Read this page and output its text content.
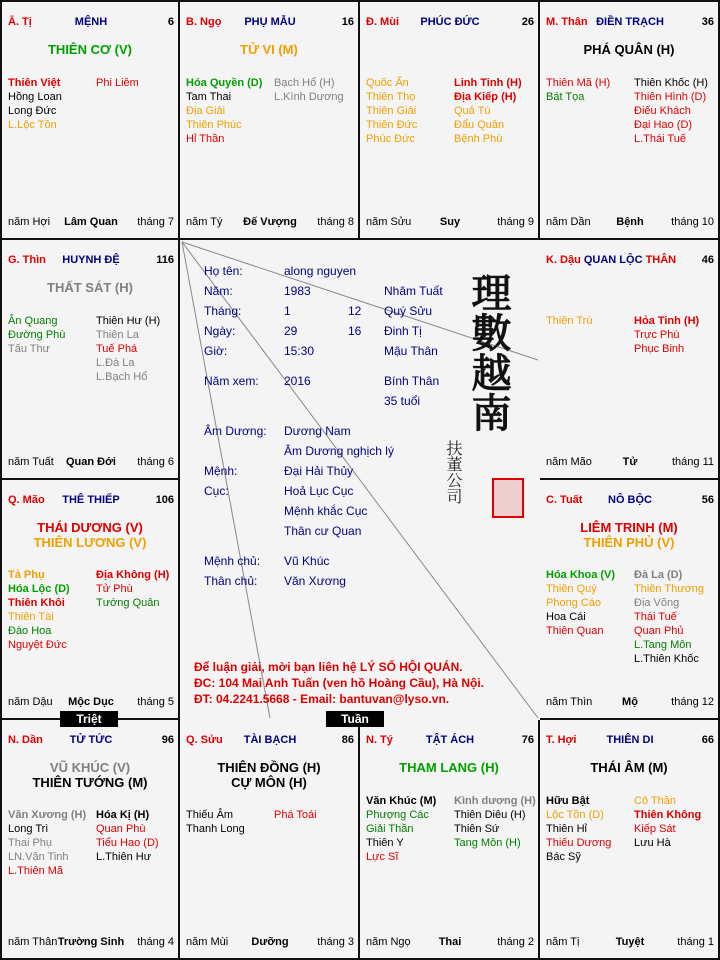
Ā. Tị	MỆNH	6
THIÊN CƠ (V)
Thiên Việt
Hồng Loan
Long Đức
L.Lộc Tồn
Phi Liêm
năm Hợi	Lâm Quan	tháng 7
B. Ngọ	PHỤ MẪU	16
TỬ VI (M)
Hóa Quyền (D)
Tam Thai
Địa Giải
Thiên Phúc
Hỉ Thần
Bạch Hổ (H)
L.Kình Dương
năm Tý	Đế Vượng	tháng 8
Đ. Mùi	PHÚC ĐỨC	26
Quốc Ấn
Thiên Thọ
Thiên Giải
Thiên Đức
Phúc Đức
Linh Tinh (H)
Địa Kiếp (H)
Quả Tú
Đẩu Quân
Bệnh Phù
năm Sửu	Suy	tháng 9
M. Thân ĐIỀN TRẠCH	36
PHÁ QUÂN (H)
Thiên Mã (H)
Bát Tọa
Thiên Khốc (H)
Thiên Hình (D)
Điếu Khách
Đại Hao (D)
L.Thái Tuế
năm Dần	Bệnh	tháng 10
G. Thìn	HUYNH ĐỆ	116
THẤT SÁT (H)
Ân Quang
Đường Phù
Tấu Thư
Thiên Hư (H)
Thiên La
Tuế Phá
L.Đà La
L.Bạch Hổ
năm Tuất	Quan Đới	tháng 6
K. Dậu QUAN LỘC THÂN	46
Thiên Trù	Hỏa Tinh (H)
Trực Phù
Phục Binh
năm Mão	Tử	tháng 11
Q. Mão	THÊ THIẾP	106
THÁI DƯƠNG (V)
THIÊN LƯƠNG (V)
Tả Phụ
Hóa Lộc (D)
Thiên Khôi
Thiên Tài
Đào Hoa
Nguyệt Đức
Địa Không (H)
Tử Phù
Tướng Quân
năm Dậu	Mộc Dục	tháng 5
C. Tuất	NÔ BỘC	56
LIÊM TRINH (M)
THIÊN PHỦ (V)
Hóa Khoa (V)
Thiên Quý
Phong Cáo
Hoa Cái
Thiên Quan
Đà La (D)
Thiên Thương
Địa Võng
Thái Tuế
Quan Phủ
L.Tang Môn
L.Thiên Khốc
năm Thìn	Mộ	tháng 12
N. Dần	TỬ TỨC	96
VŨ KHÚC (V)
THIÊN TƯỚNG (M)
Văn Xương (H)
Long Trì
Thai Phụ
LN.Văn Tinh
L.Thiên Mã
Hóa Kị (H)
Quan Phù
Tiểu Hao (D)
L.Thiên Hư
năm Thân Trường Sinh	tháng 4
Q. Sửu	TÀI BẠCH	86
THIÊN ĐỒNG (H)
CỰ MÔN (H)
Thiếu Âm
Thanh Long
Phá Toái
năm Mùi	Dưỡng	tháng 3
N. Tý	TẬT ÁCH	76
THAM LANG (H)
Văn Khúc (M)
Phượng Các
Giải Thần
Thiên Y
Lực Sĩ
Kình dương (H)
Thiên Diêu (H)
Thiên Sứ
Tang Môn (H)
năm Ngọ	Thai	tháng 2
T. Hợi	THIÊN DI	66
THÁI ÂM (M)
Hữu Bật
Lộc Tồn (D)
Thiên Hỉ
Thiếu Dương
Bác Sỹ
Cô Thần
Thiên Không
Kiếp Sát
Lưu Hà
năm Tị	Tuyệt	tháng 1
Họ tên:	along nguyen
Năm:	1983	Nhâm Tuất
Tháng:	1	12 Quý Sửu
Ngày:	29	16 Đinh Tị
Giờ:	15:30	Mậu Thân
Năm xem: 2016	Bính Thân
35 tuổi
Âm Dương: Dương Nam
Âm Dương nghịch lý
Mệnh:	Đại Hải Thủy
Cục:	Hoả Lục Cục
Mệnh khắc Cục
Thân cư Quan
Mệnh chủ: Vũ Khúc
Thân chủ: Văn Xương
Để luận giải, mời bạn liên hệ LÝ SỐ HỘI QUÁN.
ĐC: 104 Mai Anh Tuấn (ven hồ Hoàng Cầu), Hà Nội.
ĐT: 04.2241.5668 - Email: bantuvan@lyso.vn.
理數越南
扶董公司
Triệt	Tuần
